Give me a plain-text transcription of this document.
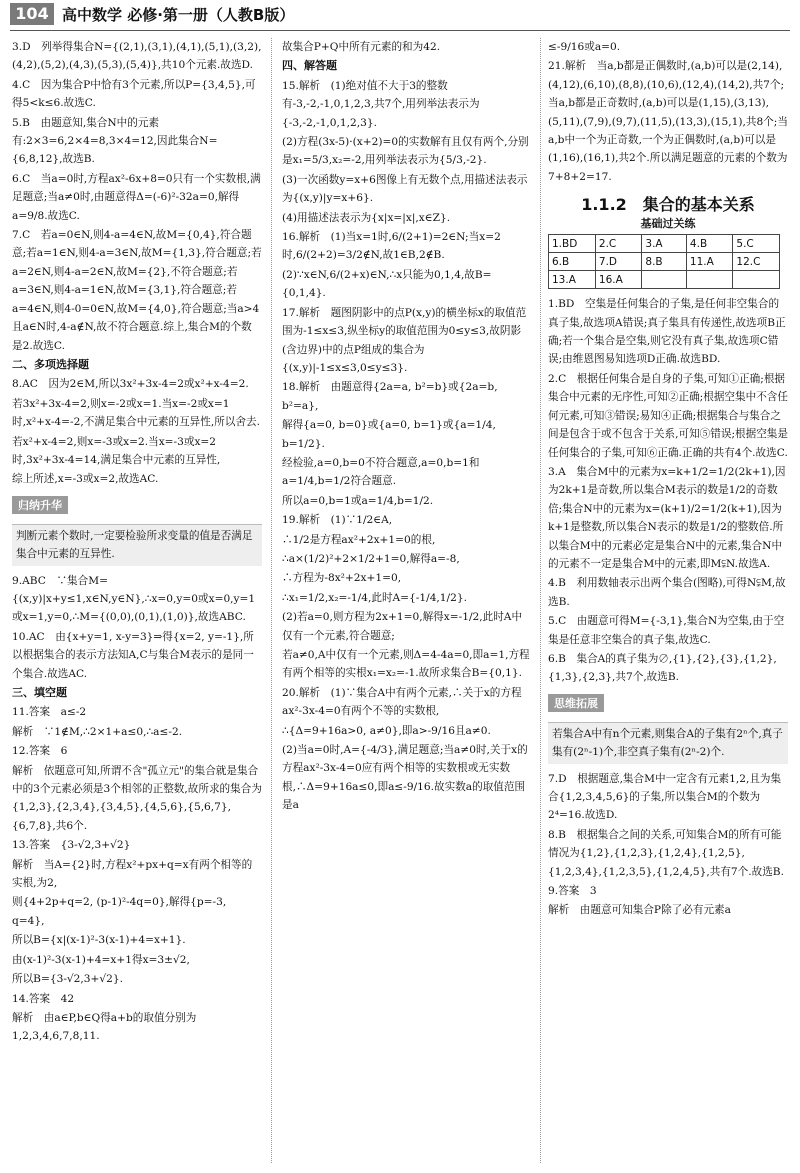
104 高中数学 必修·第一册（人教B版）

3.D　列举得集合N={(2,1),(3,1),(4,1),(5,1),(3,2),(4,2),(5,2),(4,3),(5,3),(5,4)},共10个元素.故选D.

4.C　因为集合P中恰有3个元素,所以P={3,4,5},可得5<k≤6.故选C.

5.B　由题意知,集合N中的元素有:2×3=6,2×4=8,3×4=12,因此集合N={6,8,12},故选B.

6.C　当a=0时,方程ax²-6x+8=0只有一个实数根,满足题意;当a≠0时,由题意得Δ=(-6)²-32a=0,解得a=9/8.故选C.

7.C　若a=0∈N,则4-a=4∈N,故M={0,4},符合题意;若a=1∈N,则4-a=3∈N,故M={1,3},符合题意;若a=2∈N,则4-a=2∈N,故M={2},不符合题意;若a=3∈N,则4-a=1∈N,故M={3,1},符合题意;若a=4∈N,则4-0=0∈N,故M={4,0},符合题意;当a>4且a∈N时,4-a∉N,故不符合题意.综上,集合M的个数是2.故选C.

二、多项选择题

8.AC　因为2∈M,所以3x²+3x-4=2或x²+x-4=2.

若3x²+3x-4=2,则x=-2或x=1.当x=-2或x=1时,x²+x-4=-2,不满足集合中元素的互异性,所以舍去.

若x²+x-4=2,则x=-3或x=2.当x=-3或x=2时,3x²+3x-4=14,满足集合中元素的互异性,

综上所述,x=-3或x=2,故选AC.

归纳升华
判断元素个数时,一定要检验所求变量的值是否满足集合中元素的互异性.

9.ABC　∵集合M={(x,y)|x+y≤1,x∈N,y∈N},∴x=0,y=0或x=0,y=1或x=1,y=0,∴M={(0,0),(0,1),(1,0)},故选ABC.

10.AC　由{x+y=1, x-y=3}⇒得{x=2, y=-1},所以根据集合的表示方法知A,C与集合M表示的是同一个集合.故选AC.

三、填空题

11.答案　a≤-2

解析　∵1∉M,∴2×1+a≤0,∴a≤-2.

12.答案　6

解析　依题意可知,所谓不含"孤立元"的集合就是集合中的3个元素必须是3个相邻的正整数,故所求的集合为{1,2,3},{2,3,4},{3,4,5},{4,5,6},{5,6,7},{6,7,8},共6个.

13.答案　{3-√2,3+√2}

解析　当A={2}时,方程x²+px+q=x有两个相等的实根,为2,

则{4+2p+q=2, (p-1)²-4q=0},解得{p=-3, q=4},

所以B={x|(x-1)²-3(x-1)+4=x+1}.

由(x-1)²-3(x-1)+4=x+1得x=3±√2,

所以B={3-√2,3+√2}.

14.答案　42

解析　由a∈P,b∈Q得a+b的取值分别为1,2,3,4,6,7,8,11.

故集合P+Q中所有元素的和为42.

四、解答题

15.解析　(1)绝对值不大于3的整数有-3,-2,-1,0,1,2,3,共7个,用列举法表示为{-3,-2,-1,0,1,2,3}.

(2)方程(3x-5)·(x+2)=0的实数解有且仅有两个,分别是x₁=5/3,x₂=-2,用列举法表示为{5/3,-2}.

(3)一次函数y=x+6图像上有无数个点,用描述法表示为{(x,y)|y=x+6}.

(4)用描述法表示为{x|x=|x|,x∈Z}.

16.解析　(1)当x=1时,6/(2+1)=2∈N;当x=2时,6/(2+2)=3/2∉N,故1∈B,2∉B.

(2)∵x∈N,6/(2+x)∈N,∴x只能为0,1,4,故B={0,1,4}.

17.解析　题图阴影中的点P(x,y)的横坐标x的取值范围为-1≤x≤3,纵坐标y的取值范围为0≤y≤3,故阴影(含边界)中的点P组成的集合为{(x,y)|-1≤x≤3,0≤y≤3}.

18.解析　由题意得{2a=a, b²=b}或{2a=b, b²=a},

解得{a=0, b=0}或{a=0, b=1}或{a=1/4, b=1/2}.

经检验,a=0,b=0不符合题意,a=0,b=1和a=1/4,b=1/2符合题意.

所以a=0,b=1或a=1/4,b=1/2.

19.解析　(1)∵1/2∈A,

∴1/2是方程ax²+2x+1=0的根,

∴a×(1/2)²+2×1/2+1=0,解得a=-8,

∴方程为-8x²+2x+1=0,

∴x₁=1/2,x₂=-1/4,此时A={-1/4,1/2}.

(2)若a=0,则方程为2x+1=0,解得x=-1/2,此时A中仅有一个元素,符合题意;

若a≠0,A中仅有一个元素,则Δ=4-4a=0,即a=1,方程有两个相等的实根x₁=x₂=-1.故所求集合B={0,1}.

20.解析　(1)∵集合A中有两个元素,∴关于x的方程ax²-3x-4=0有两个不等的实数根,

∴{Δ=9+16a>0, a≠0},即a>-9/16且a≠0.

(2)当a=0时,A={-4/3},满足题意;当a≠0时,关于x的方程ax²-3x-4=0应有两个相等的实数根或无实数根,∴Δ=9+16a≤0,即a≤-9/16.故实数a的取值范围是a

≤-9/16或a=0.

21.解析　当a,b都是正偶数时,(a,b)可以是(2,14),(4,12),(6,10),(8,8),(10,6),(12,4),(14,2),共7个;当a,b都是正奇数时,(a,b)可以是(1,15),(3,13),(5,11),(7,9),(9,7),(11,5),(13,3),(15,1),共8个;当a,b中一个为正奇数,一个为正偶数时,(a,b)可以是(1,16),(16,1),共2个.所以满足题意的元素的个数为7+8+2=17.

1.1.2　集合的基本关系
基础过关练
1.BD	2.C	3.A	4.B	5.C
6.B	7.D	8.B	11.A	12.C
13.A	16.A			

1.BD　空集是任何集合的子集,是任何非空集合的真子集,故选项A错误;真子集具有传递性,故选项B正确;若一个集合是空集,则它没有真子集,故选项C错误;由维恩图易知选项D正确.故选BD.

2.C　根据任何集合是自身的子集,可知①正确;根据集合中元素的无序性,可知②正确;根据空集中不含任何元素,可知③错误;易知④正确;根据集合与集合之间是包含于或不包含于关系,可知⑤错误;根据空集是任何集合的子集,可知⑥正确.正确的共有4个.故选C.

3.A　集合M中的元素为x=k+1/2=1/2(2k+1),因为2k+1是奇数,所以集合M表示的数是1/2的奇数倍;集合N中的元素为x=(k+1)/2=1/2(k+1),因为k+1是整数,所以集合N表示的数是1/2的整数倍.所以集合M中的元素必定是集合N中的元素,集合N中的元素不一定是集合M中的元素,即M⫋N.故选A.

4.B　利用数轴表示出两个集合(图略),可得N⫋M,故选B.

5.C　由题意可得M={-3,1},集合N为空集,由于空集是任意非空集合的真子集,故选C.

6.B　集合A的真子集为∅,{1},{2},{3},{1,2},{1,3},{2,3},共7个,故选B.

思维拓展
若集合A中有n个元素,则集合A的子集有2ⁿ个,真子集有(2ⁿ-1)个,非空真子集有(2ⁿ-2)个.

7.D　根据题意,集合M中一定含有元素1,2,且为集合{1,2,3,4,5,6}的子集,所以集合M的个数为2⁴=16.故选D.

8.B　根据集合之间的关系,可知集合M的所有可能情况为{1,2},{1,2,3},{1,2,4},{1,2,5},{1,2,3,4},{1,2,3,5},{1,2,4,5},共有7个.故选B.

9.答案　3

解析　由题意可知集合P除了必有元素a
